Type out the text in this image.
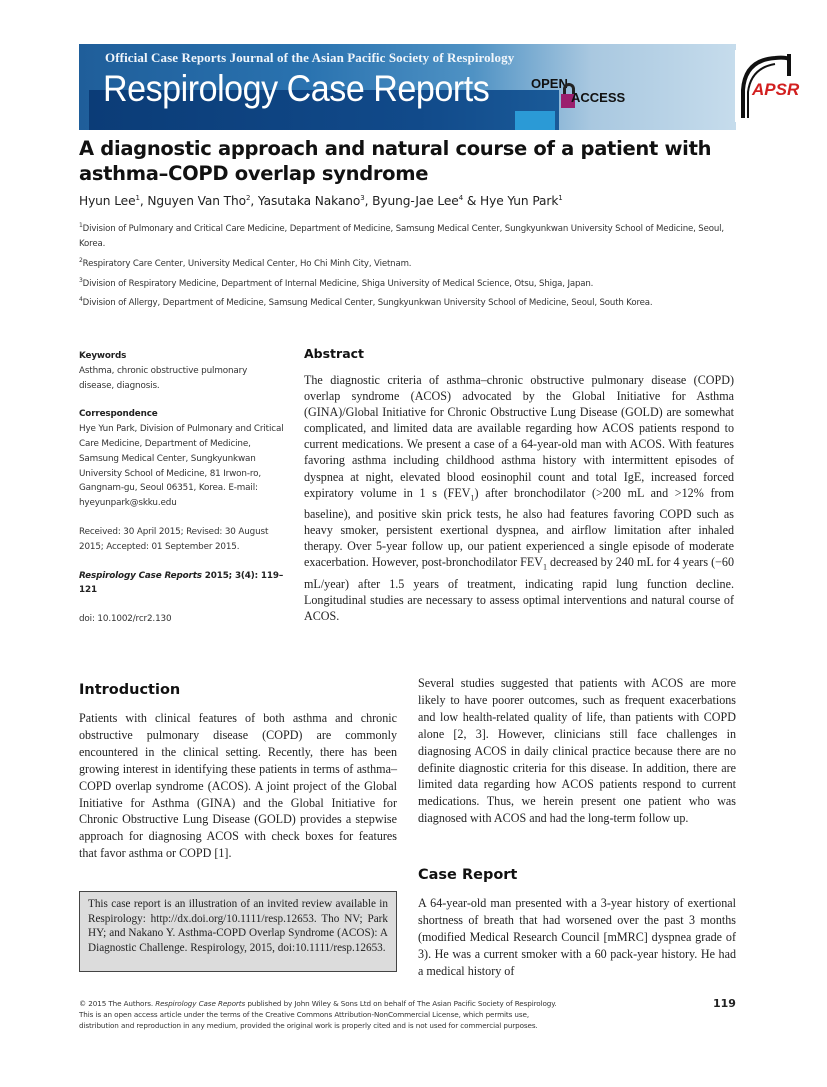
Official Case Reports Journal of the Asian Pacific Society of Respirology
Respirology Case Reports	OPEN
ACCESS	APSR
A diagnostic approach and natural course of a patient with asthma–COPD overlap syndrome
Hyun Lee$^1$, Nguyen Van Tho$^2$, Yasutaka Nakano$^3$, Byung-Jae Lee$^4$ & Hye Yun Park$^1$
$^1$Division of Pulmonary and Critical Care Medicine, Department of Medicine, Samsung Medical Center, Sungkyunkwan University School of Medicine, Seoul, Korea.
$^2$Respiratory Care Center, University Medical Center, Ho Chi Minh City, Vietnam.
$^3$Division of Respiratory Medicine, Department of Internal Medicine, Shiga University of Medical Science, Otsu, Shiga, Japan.
$^4$Division of Allergy, Department of Medicine, Samsung Medical Center, Sungkyunkwan University School of Medicine, Seoul, South Korea.
Keywords
Asthma, chronic obstructive pulmonary disease, diagnosis.
Correspondence
Hye Yun Park, Division of Pulmonary and Critical Care Medicine, Department of Medicine, Samsung Medical Center, Sungkyunkwan University School of Medicine, 81 Irwon-ro, Gangnam-gu, Seoul 06351, Korea. E-mail: hyeyunpark@skku.edu
Received: 30 April 2015; Revised: 30 August 2015; Accepted: 01 September 2015.
Respirology Case Reports 2015; 3(4): 119–121
doi: 10.1002/rcr2.130
Abstract

The diagnostic criteria of asthma–chronic obstructive pulmonary disease (COPD) overlap syndrome (ACOS) advocated by the Global Initiative for Asthma (GINA)/Global Initiative for Chronic Obstructive Lung Disease (GOLD) are somewhat complicated, and limited data are available regarding how ACOS patients respond to current medications. We present a case of a 64-year-old man with ACOS. With features favoring asthma including childhood asthma history with intermittent episodes of dyspnea at night, elevated blood eosinophil count and total IgE, increased forced expiratory volume in 1 s $(FEV_1)$ after bronchodilator (>200 mL and >12% from baseline), and positive skin prick tests, he also had features favoring COPD such as heavy smoker, persistent exertional dyspnea, and airflow limitation after inhaled therapy. Over 5-year follow up, our patient experienced a single episode of moderate exacerbation. However, post-bronchodilator $FEV_1$ decreased by 240 mL for 4 years (−60 mL/year) after 1.5 years of treatment, indicating rapid lung function decline. Longitudinal studies are necessary to assess optimal interventions and natural course of ACOS.

Introduction

Patients with clinical features of both asthma and chronic obstructive pulmonary disease (COPD) are commonly encountered in the clinical setting. Recently, there has been growing interest in identifying these patients in terms of asthma–COPD overlap syndrome (ACOS). A joint project of the Global Initiative for Asthma (GINA) and the Global Initiative for Chronic Obstructive Lung Disease (GOLD) provides a stepwise approach for diagnosing ACOS with check boxes for features that favor asthma or COPD [1].

Several studies suggested that patients with ACOS are more likely to have poorer outcomes, such as frequent exacerbations and low health-related quality of life, than patients with COPD alone [2, 3]. However, clinicians still face challenges in diagnosing ACOS in daily clinical practice because there are no definite diagnostic criteria for this disease. In addition, there are limited data regarding how ACOS patients respond to current medications. Thus, we herein present one patient who was diagnosed with ACOS and had the long-term follow up.

This case report is an illustration of an invited review available in Respirology: http://dx.doi.org/10.1111/resp.12653. Tho NV; Park HY; and Nakano Y. Asthma-COPD Overlap Syndrome (ACOS): A Diagnostic Challenge. Respirology, 2015, doi:10.1111/resp.12653.
Case Report

A 64-year-old man presented with a 3-year history of exertional shortness of breath that had worsened over the past 3 months (modified Medical Research Council [mMRC] dyspnea grade of 3). He was a current smoker with a 60 pack-year history. He had a medical history of

© 2015 The Authors. Respirology Case Reports published by John Wiley & Sons Ltd on behalf of The Asian Pacific Society of Respirology.
This is an open access article under the terms of the Creative Commons Attribution-NonCommercial License, which permits use,
distribution and reproduction in any medium, provided the original work is properly cited and is not used for commercial purposes.
119
